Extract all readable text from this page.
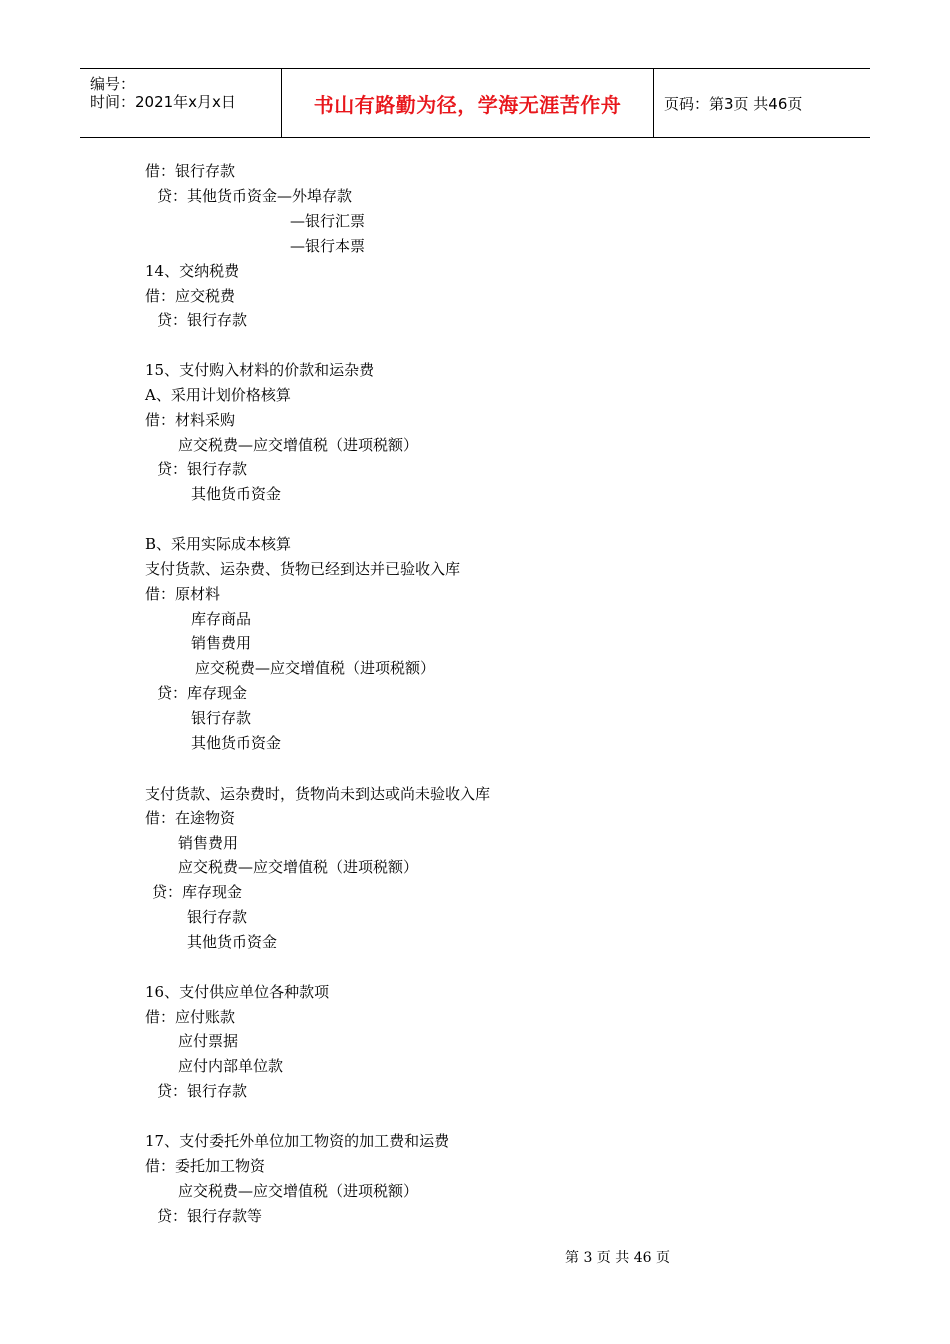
编号：
时间：2021年x月x日	书山有路勤为径，学海无涯苦作舟	页码：第3页 共46页
借：银行存款
贷：其他货币资金—外埠存款
—银行汇票
—银行本票
14、交纳税费
借：应交税费
贷：银行存款
15、支付购入材料的价款和运杂费
A、采用计划价格核算
借：材料采购
应交税费—应交增值税（进项税额）
贷：银行存款
其他货币资金
B、采用实际成本核算
支付货款、运杂费、货物已经到达并已验收入库
借：原材料
库存商品
销售费用
应交税费—应交增值税（进项税额）
贷：库存现金
银行存款
其他货币资金
支付货款、运杂费时，货物尚未到达或尚未验收入库
借：在途物资
销售费用
应交税费—应交增值税（进项税额）
贷：库存现金
银行存款
其他货币资金
16、支付供应单位各种款项
借：应付账款
应付票据
应付内部单位款
贷：银行存款
17、支付委托外单位加工物资的加工费和运费
借：委托加工物资
应交税费—应交增值税（进项税额）
贷：银行存款等
第 3 页 共 46 页
